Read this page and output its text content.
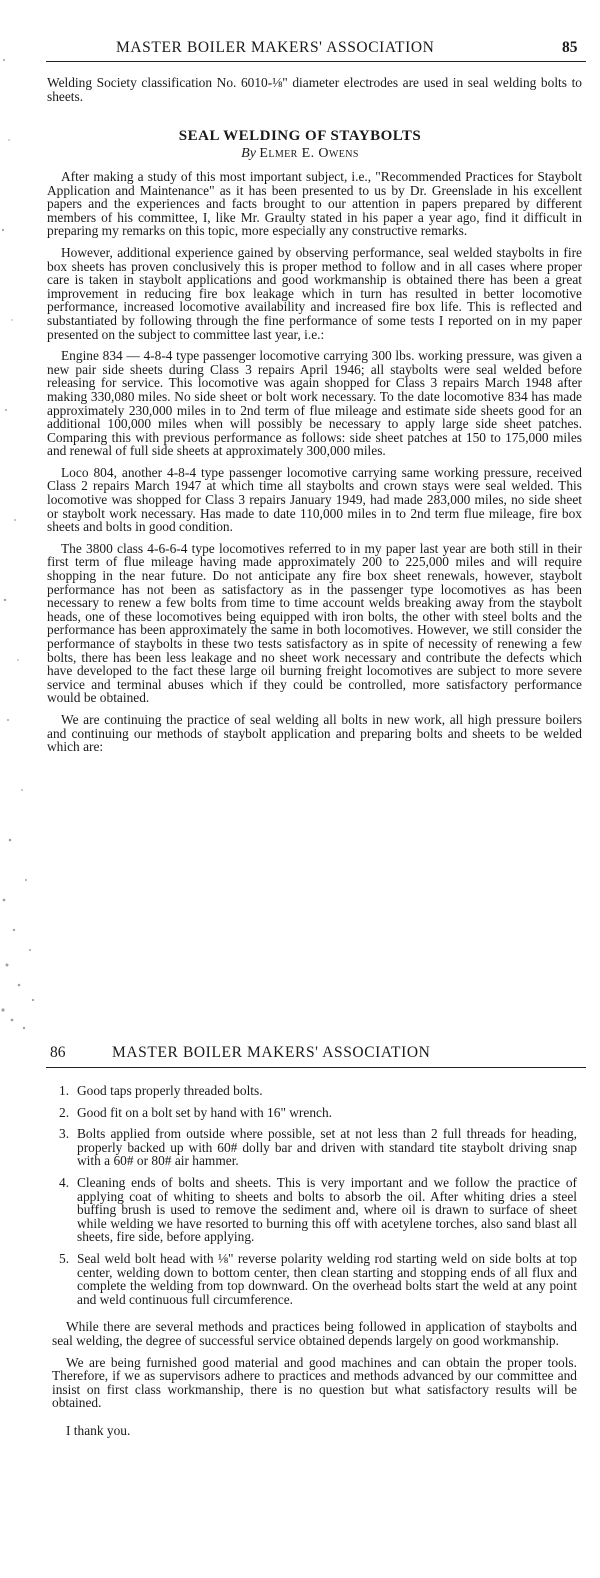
MASTER BOILER MAKERS' ASSOCIATION	85

Welding Society classification No. 6010-⅛" diameter electrodes are used in seal welding bolts to sheets.

SEAL WELDING OF STAYBOLTS
By Elmer E. Owens

After making a study of this most important subject, i.e., "Recommended Practices for Staybolt Application and Maintenance" as it has been presented to us by Dr. Greenslade in his excellent papers and the experiences and facts brought to our attention in papers prepared by different members of his committee, I, like Mr. Graulty stated in his paper a year ago, find it difficult in preparing my remarks on this topic, more especially any constructive remarks.

However, additional experience gained by observing performance, seal welded staybolts in fire box sheets has proven conclusively this is proper method to follow and in all cases where proper care is taken in staybolt applications and good workmanship is obtained there has been a great improvement in reducing fire box leakage which in turn has resulted in better locomotive performance, increased locomotive availability and increased fire box life. This is reflected and substantiated by following through the fine performance of some tests I reported on in my paper presented on the subject to committee last year, i.e.:

Engine 834 — 4-8-4 type passenger locomotive carrying 300 lbs. working pressure, was given a new pair side sheets during Class 3 repairs April 1946; all staybolts were seal welded before releasing for service. This locomotive was again shopped for Class 3 repairs March 1948 after making 330,080 miles. No side sheet or bolt work necessary. To the date locomotive 834 has made approximately 230,000 miles in to 2nd term of flue mileage and estimate side sheets good for an additional 100,000 miles when will possibly be necessary to apply large side sheet patches. Comparing this with previous performance as follows: side sheet patches at 150 to 175,000 miles and renewal of full side sheets at approximately 300,000 miles.

Loco 804, another 4-8-4 type passenger locomotive carrying same working pressure, received Class 2 repairs March 1947 at which time all staybolts and crown stays were seal welded. This locomotive was shopped for Class 3 repairs January 1949, had made 283,000 miles, no side sheet or staybolt work necessary. Has made to date 110,000 miles in to 2nd term flue mileage, fire box sheets and bolts in good condition.

The 3800 class 4-6-6-4 type locomotives referred to in my paper last year are both still in their first term of flue mileage having made approximately 200 to 225,000 miles and will require shopping in the near future. Do not anticipate any fire box sheet renewals, however, staybolt performance has not been as satisfactory as in the passenger type locomotives as has been necessary to renew a few bolts from time to time account welds breaking away from the staybolt heads, one of these locomotives being equipped with iron bolts, the other with steel bolts and the performance has been approximately the same in both locomotives. However, we still consider the performance of staybolts in these two tests satisfactory as in spite of necessity of renewing a few bolts, there has been less leakage and no sheet work necessary and contribute the defects which have developed to the fact these large oil burning freight locomotives are subject to more severe service and terminal abuses which if they could be controlled, more satisfactory performance would be obtained.

We are continuing the practice of seal welding all bolts in new work, all high pressure boilers and continuing our methods of staybolt application and preparing bolts and sheets to be welded which are:

86	MASTER BOILER MAKERS' ASSOCIATION
1. Good taps properly threaded bolts.
2. Good fit on a bolt set by hand with 16" wrench.
3. Bolts applied from outside where possible, set at not less than 2 full threads for heading, properly backed up with 60# dolly bar and driven with standard tite staybolt driving snap with a 60# or 80# air hammer.
4. Cleaning ends of bolts and sheets. This is very important and we follow the practice of applying coat of whiting to sheets and bolts to absorb the oil. After whiting dries a steel buffing brush is used to remove the sediment and, where oil is drawn to surface of sheet while welding we have resorted to burning this off with acetylene torches, also sand blast all sheets, fire side, before applying.
5. Seal weld bolt head with ⅛" reverse polarity welding rod starting weld on side bolts at top center, welding down to bottom center, then clean starting and stopping ends of all flux and complete the welding from top downward. On the overhead bolts start the weld at any point and weld continuous full circumference.

While there are several methods and practices being followed in application of staybolts and seal welding, the degree of successful service obtained depends largely on good workmanship.

We are being furnished good material and good machines and can obtain the proper tools. Therefore, if we as supervisors adhere to practices and methods advanced by our committee and insist on first class workmanship, there is no question but what satisfactory results will be obtained.

I thank you.
